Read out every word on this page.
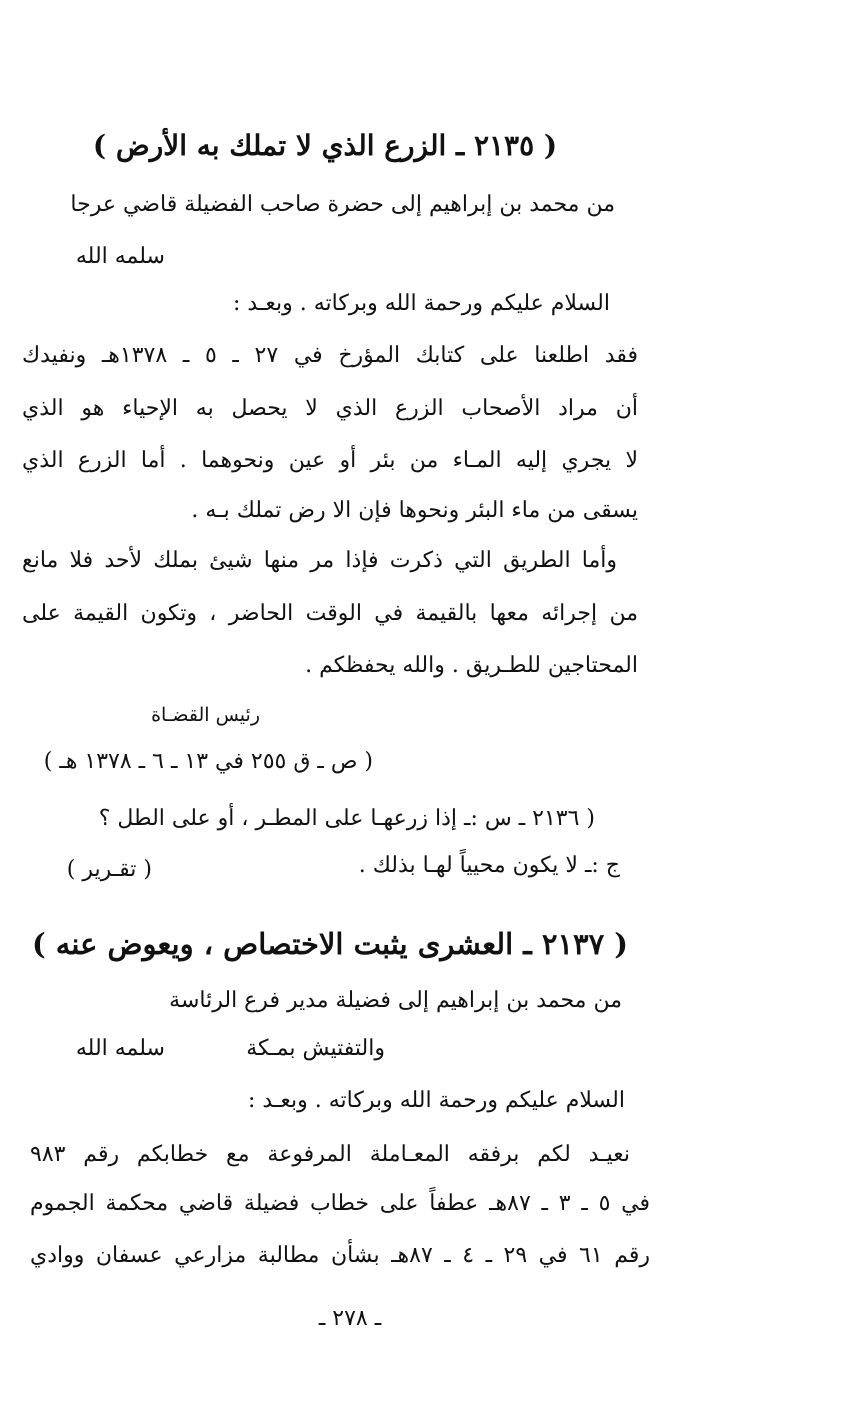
( ٢١٣٥ ـ الزرع الذي لا تملك به الأرض )
من محمد بن إبراهيم إلى حضرة صاحب الفضيلة قاضي عرجا
سلمه الله
السلام عليكم ورحمة الله وبركاته . وبعـد :
فقد اطلعنا على كتابك المؤرخ في ٢٧ ـ ٥ ـ ١٣٧٨هـ ونفيدك
أن مراد الأصحاب الزرع الذي لا يحصل به الإحياء هو الذي
لا يجري إليه المـاء من بئر أو عين ونحوهما . أما الزرع الذي
يسقى من ماء البئر ونحوها فإن الا رض تملك بـه .
وأما الطريق التي ذكرت فإذا مر منها شيئ بملك لأحد فلا مانع
من إجرائه معها بالقيمة في الوقت الحاضر ، وتكون القيمة على
المحتاجين للطـريق . والله يحفظكم .
رئيس القضـاة
( ص ـ ق ٢٥٥ في ١٣ ـ ٦ ـ ١٣٧٨ هـ )
( ٢١٣٦ ـ س :ـ إذا زرعهـا على المطـر ، أو على الطل ؟
ج :ـ لا يكون محيياً لهـا بذلك .
( تقـرير )
( ٢١٣٧ ـ العشرى يثبت الاختصاص ، ويعوض عنه )
من محمد بن إبراهيم إلى فضيلة مدير فرع الرئاسة
والتفتيش بمـكة
سلمه الله
السلام عليكم ورحمة الله وبركاته . وبعـد :
نعيـد لكم برفقه المعـاملة المرفوعة مع خطابكم رقم ٩٨٣
في ٥ ـ ٣ ـ ٨٧هـ عطفاً على خطاب فضيلة قاضي محكمة الجموم
رقم ٦١ في ٢٩ ـ ٤ ـ ٨٧هـ بشأن مطالبة مزارعي عسفان ووادي
ـ ٢٧٨ ـ
